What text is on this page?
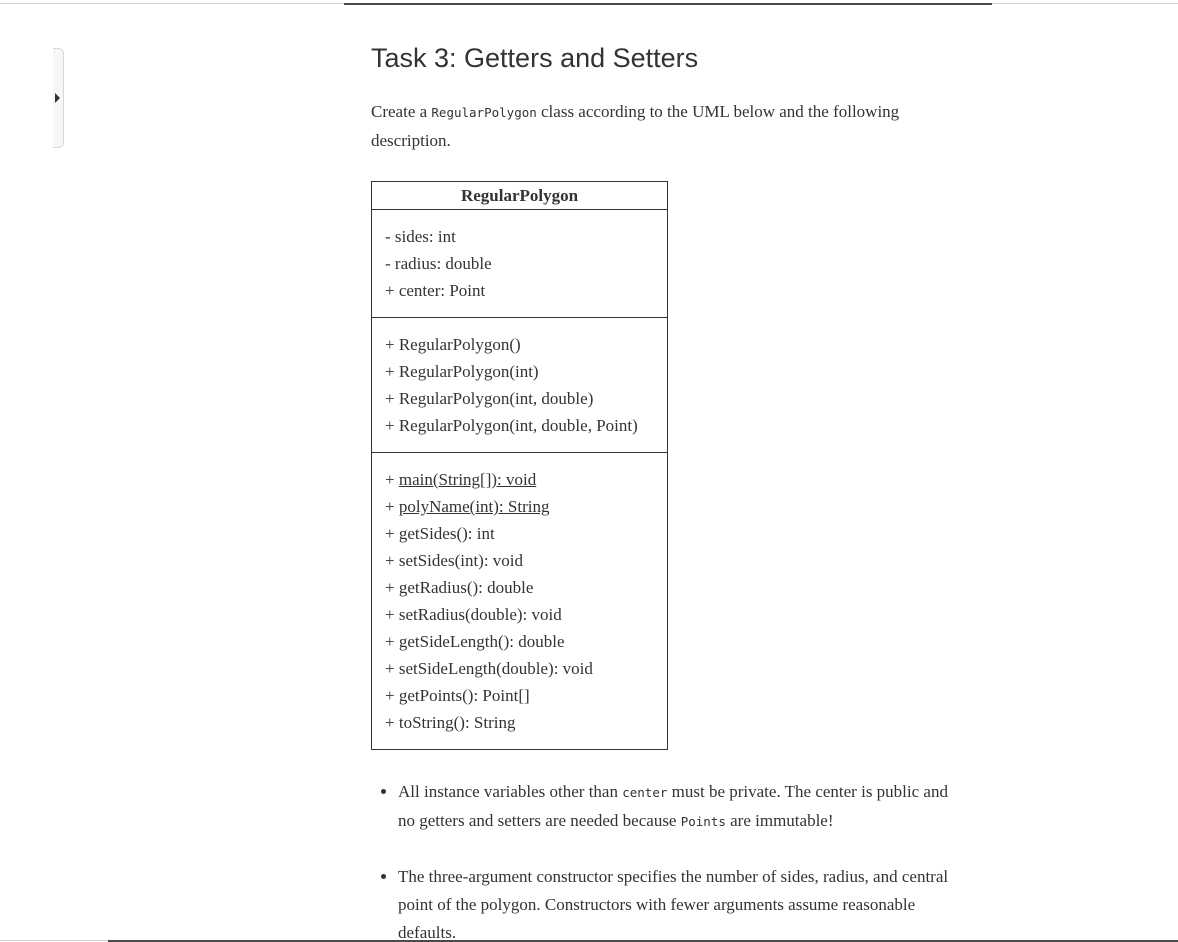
Task 3: Getters and Setters

Create a RegularPolygon class according to the UML below and the following description.

RegularPolygon
- sides: int
- radius: double
+ center: Point
+ RegularPolygon()
+ RegularPolygon(int)
+ RegularPolygon(int, double)
+ RegularPolygon(int, double, Point)
+ main(String[]): void
+ polyName(int): String
+ getSides(): int
+ setSides(int): void
+ getRadius(): double
+ setRadius(double): void
+ getSideLength(): double
+ setSideLength(double): void
+ getPoints(): Point[]
+ toString(): String
• All instance variables other than center must be private. The center is public and no getters and setters are needed because Points are immutable!
• The three-argument constructor specifies the number of sides, radius, and central point of the polygon. Constructors with fewer arguments assume reasonable defaults.
